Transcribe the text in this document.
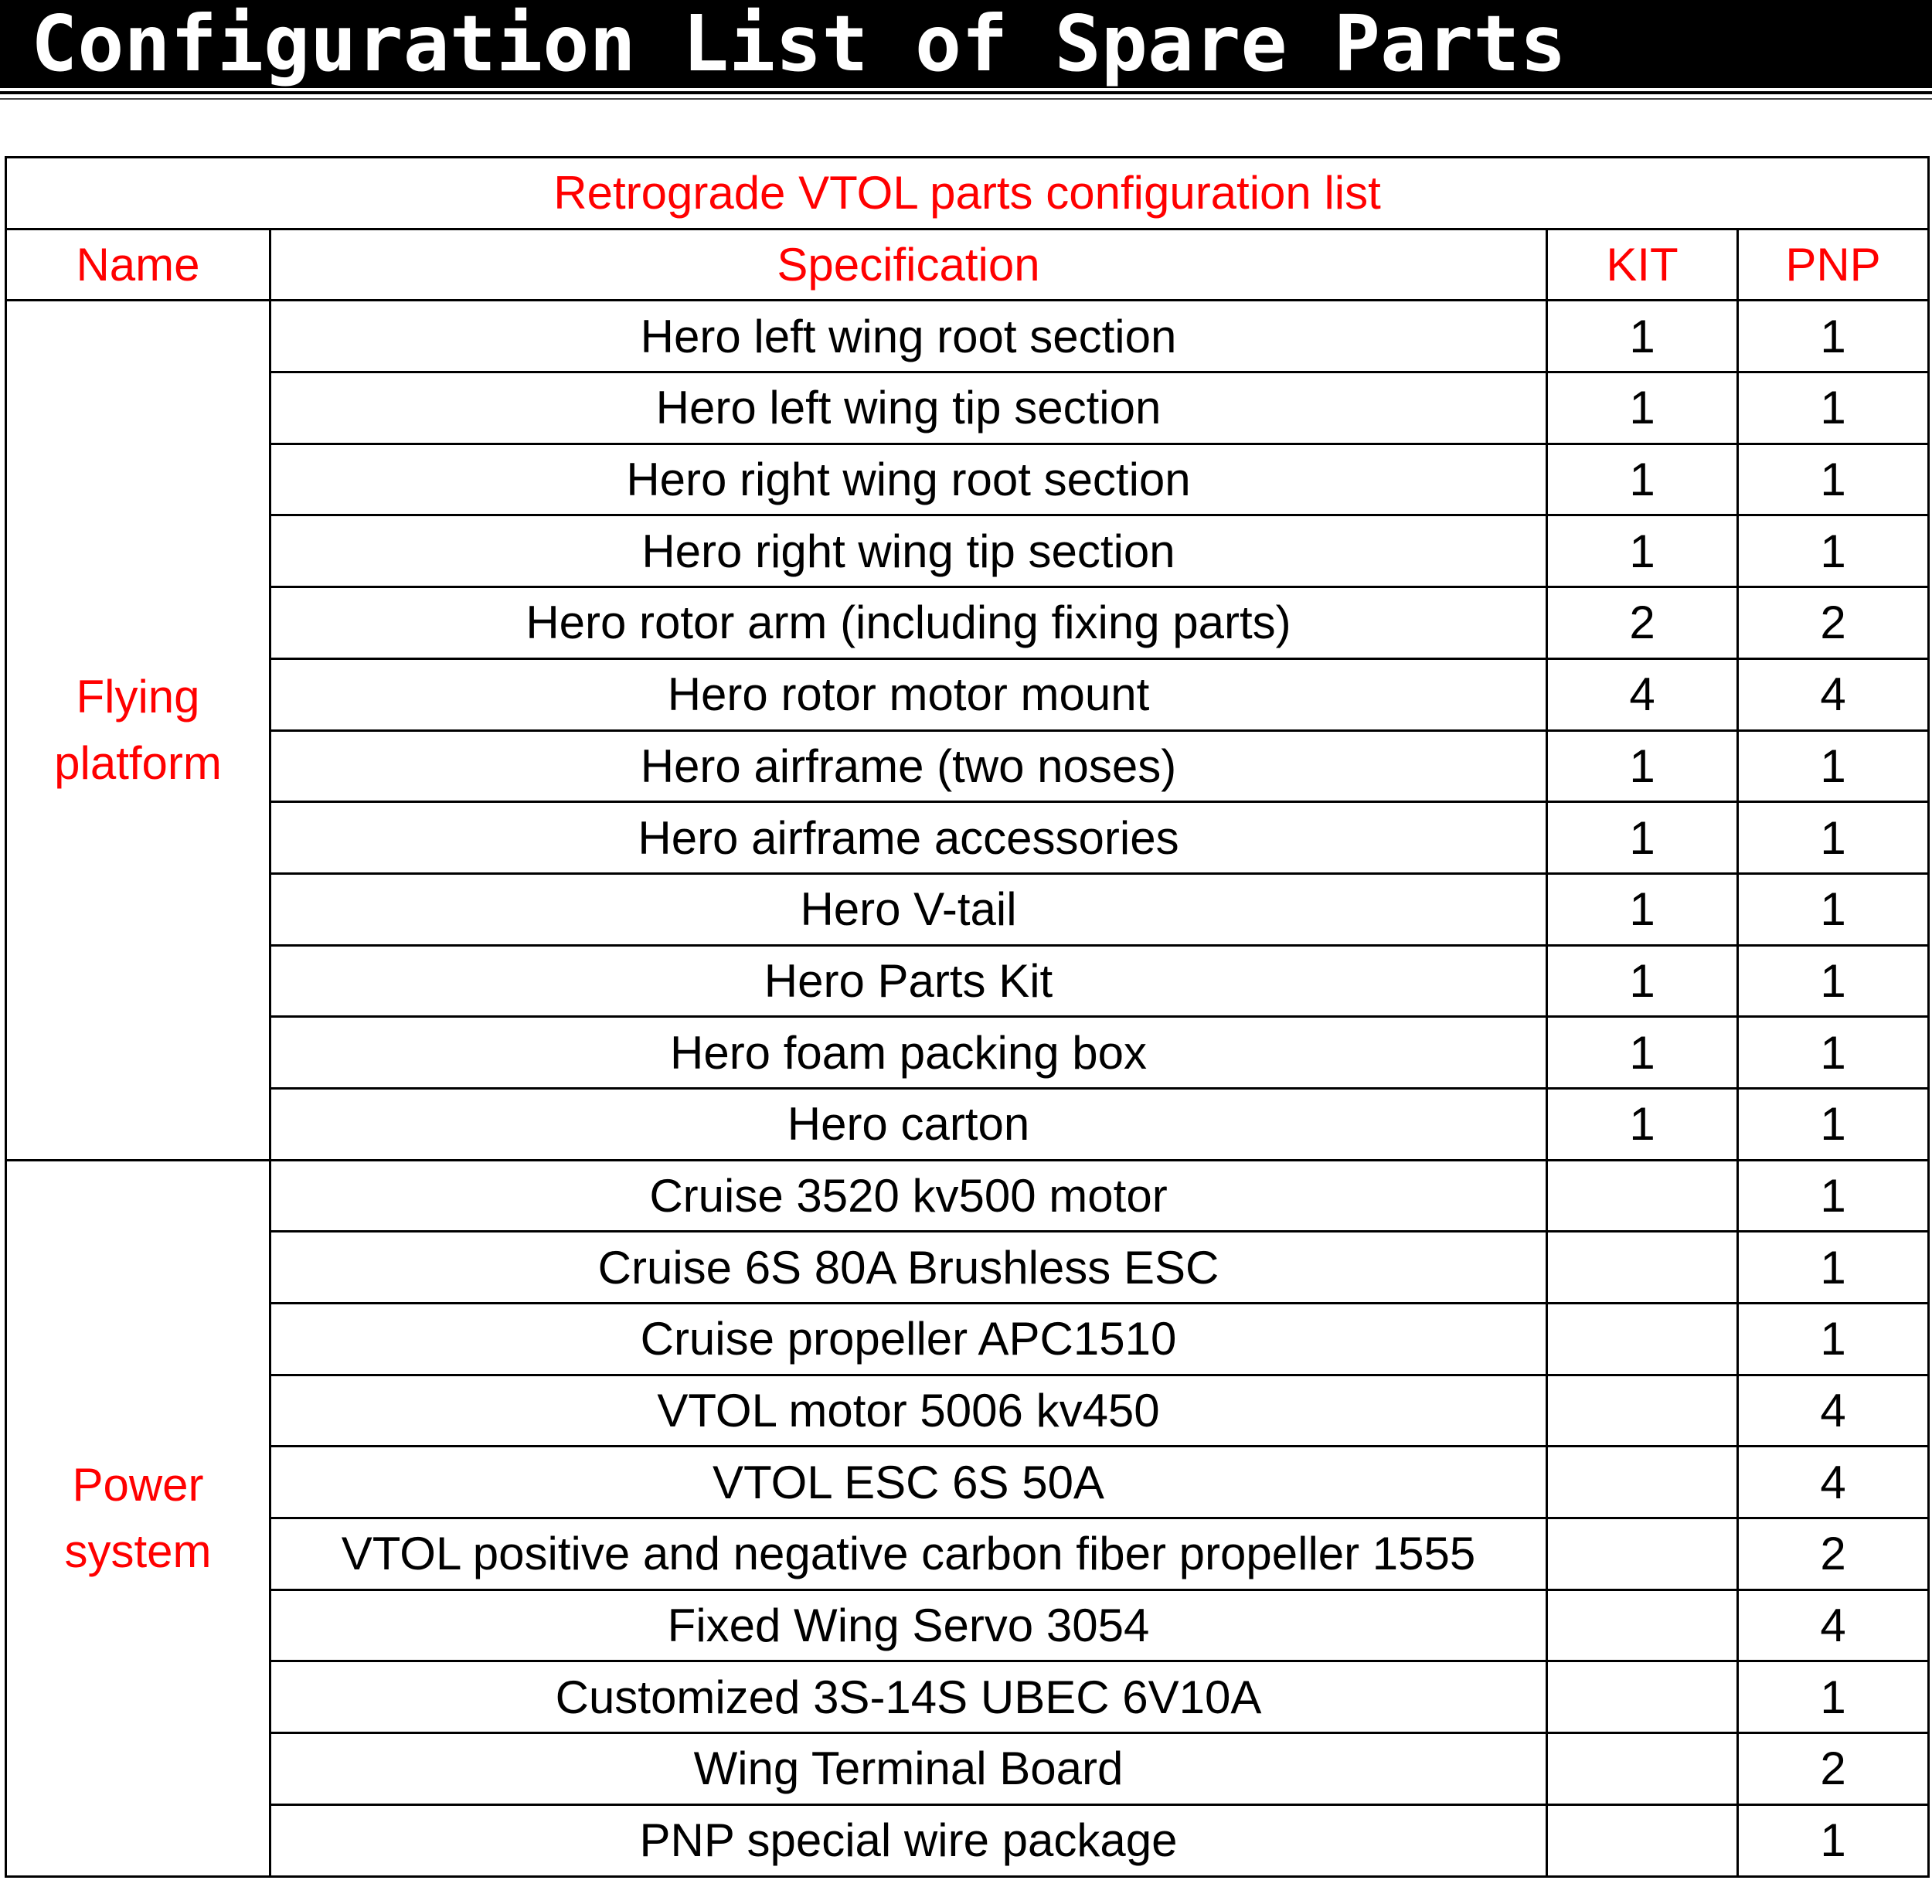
Configuration List of Spare Parts
Retrograde VTOL parts configuration list			
Name	Specification	KIT	PNP

Flying
platform	Hero left wing root section	1	1
	Hero left wing tip section	1	1
	Hero right wing root section	1	1
	Hero right wing tip section	1	1
	Hero rotor arm (including fixing parts)	2	2
	Hero rotor motor mount	4	4
	Hero airframe (two noses)	1	1
	Hero airframe accessories	1	1
	Hero V-tail	1	1
	Hero Parts Kit	1	1
	Hero foam packing box	1	1
	Hero carton	1	1

Power
system	Cruise 3520 kv500 motor		1
	Cruise 6S 80A Brushless ESC		1
	Cruise propeller APC1510		1
	VTOL motor 5006 kv450		4
	VTOL ESC 6S 50A		4
	VTOL positive and negative carbon fiber propeller 1555		2
	Fixed Wing Servo 3054		4
	Customized 3S-14S UBEC 6V10A		1
	Wing Terminal Board		2
	PNP special wire package		1
